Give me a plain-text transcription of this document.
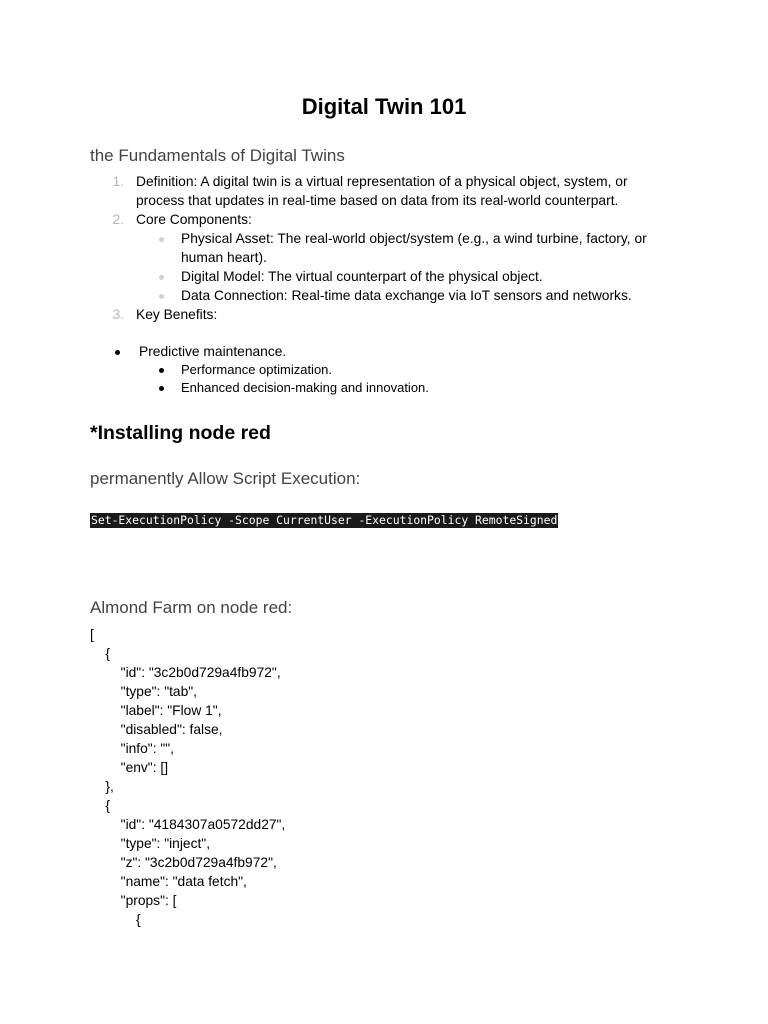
Digital Twin 101
the Fundamentals of Digital Twins
1. Definition: A digital twin is a virtual representation of a physical object, system, or
process that updates in real-time based on data from its real-world counterpart.
2. Core Components:
Physical Asset: The real-world object/system (e.g., a wind turbine, factory, or
human heart).
Digital Model: The virtual counterpart of the physical object.
Data Connection: Real-time data exchange via IoT sensors and networks.
3. Key Benefits:
Predictive maintenance.
Performance optimization.
Enhanced decision-making and innovation.
*Installing node red
permanently Allow Script Execution:
Set-ExecutionPolicy -Scope CurrentUser -ExecutionPolicy RemoteSigned
Almond Farm on node red:
[
{
"id": "3c2b0d729a4fb972",
"type": "tab",
"label": "Flow 1",
"disabled": false,
"info": "",
"env": []
},
{
"id": "4184307a0572dd27",
"type": "inject",
"z": "3c2b0d729a4fb972",
"name": "data fetch",
"props": [
{
